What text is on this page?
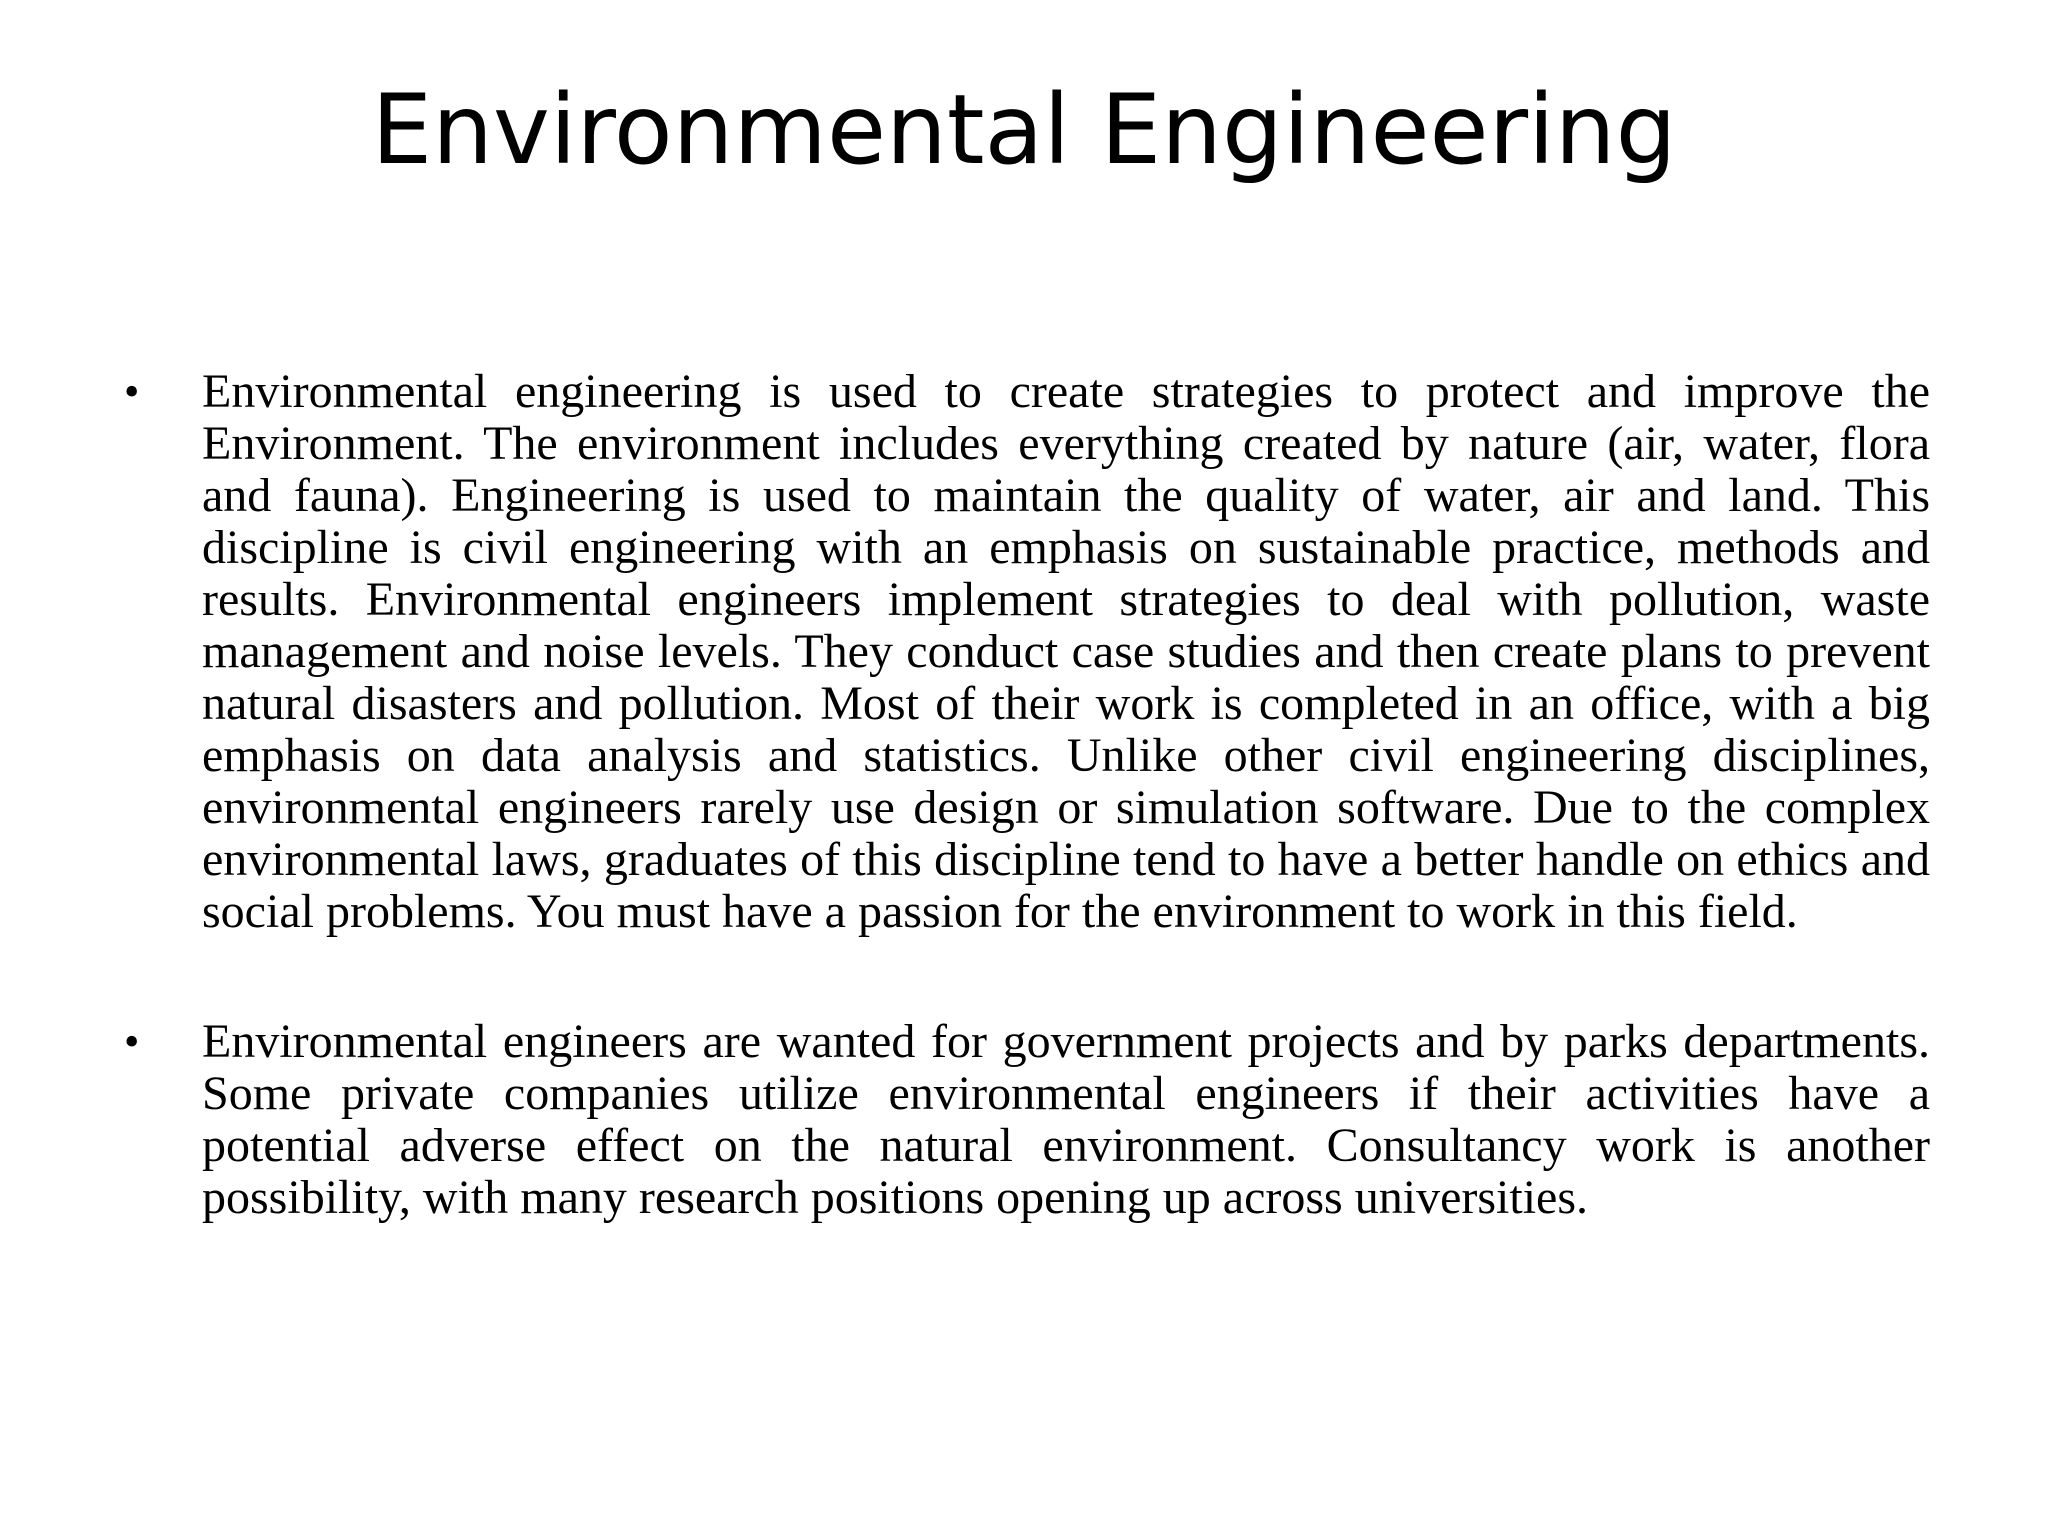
Environmental Engineering
• Environmental engineering is used to create strategies to protect and improve the Environment. The environment includes everything created by nature (air, water, flora and fauna). Engineering is used to maintain the quality of water, air and land. This discipline is civil engineering with an emphasis on sustainable practice, methods and results. Environmental engineers implement strategies to deal with pollution, waste management and noise levels. They conduct case studies and then create plans to prevent natural disasters and pollution. Most of their work is completed in an office, with a big emphasis on data analysis and statistics. Unlike other civil engineering disciplines, environmental engineers rarely use design or simulation software. Due to the complex environmental laws, graduates of this discipline tend to have a better handle on ethics and social problems. You must have a passion for the environment to work in this field.
• Environmental engineers are wanted for government projects and by parks departments. Some private companies utilize environmental engineers if their activities have a potential adverse effect on the natural environment. Consultancy work is another possibility, with many research positions opening up across universities.
